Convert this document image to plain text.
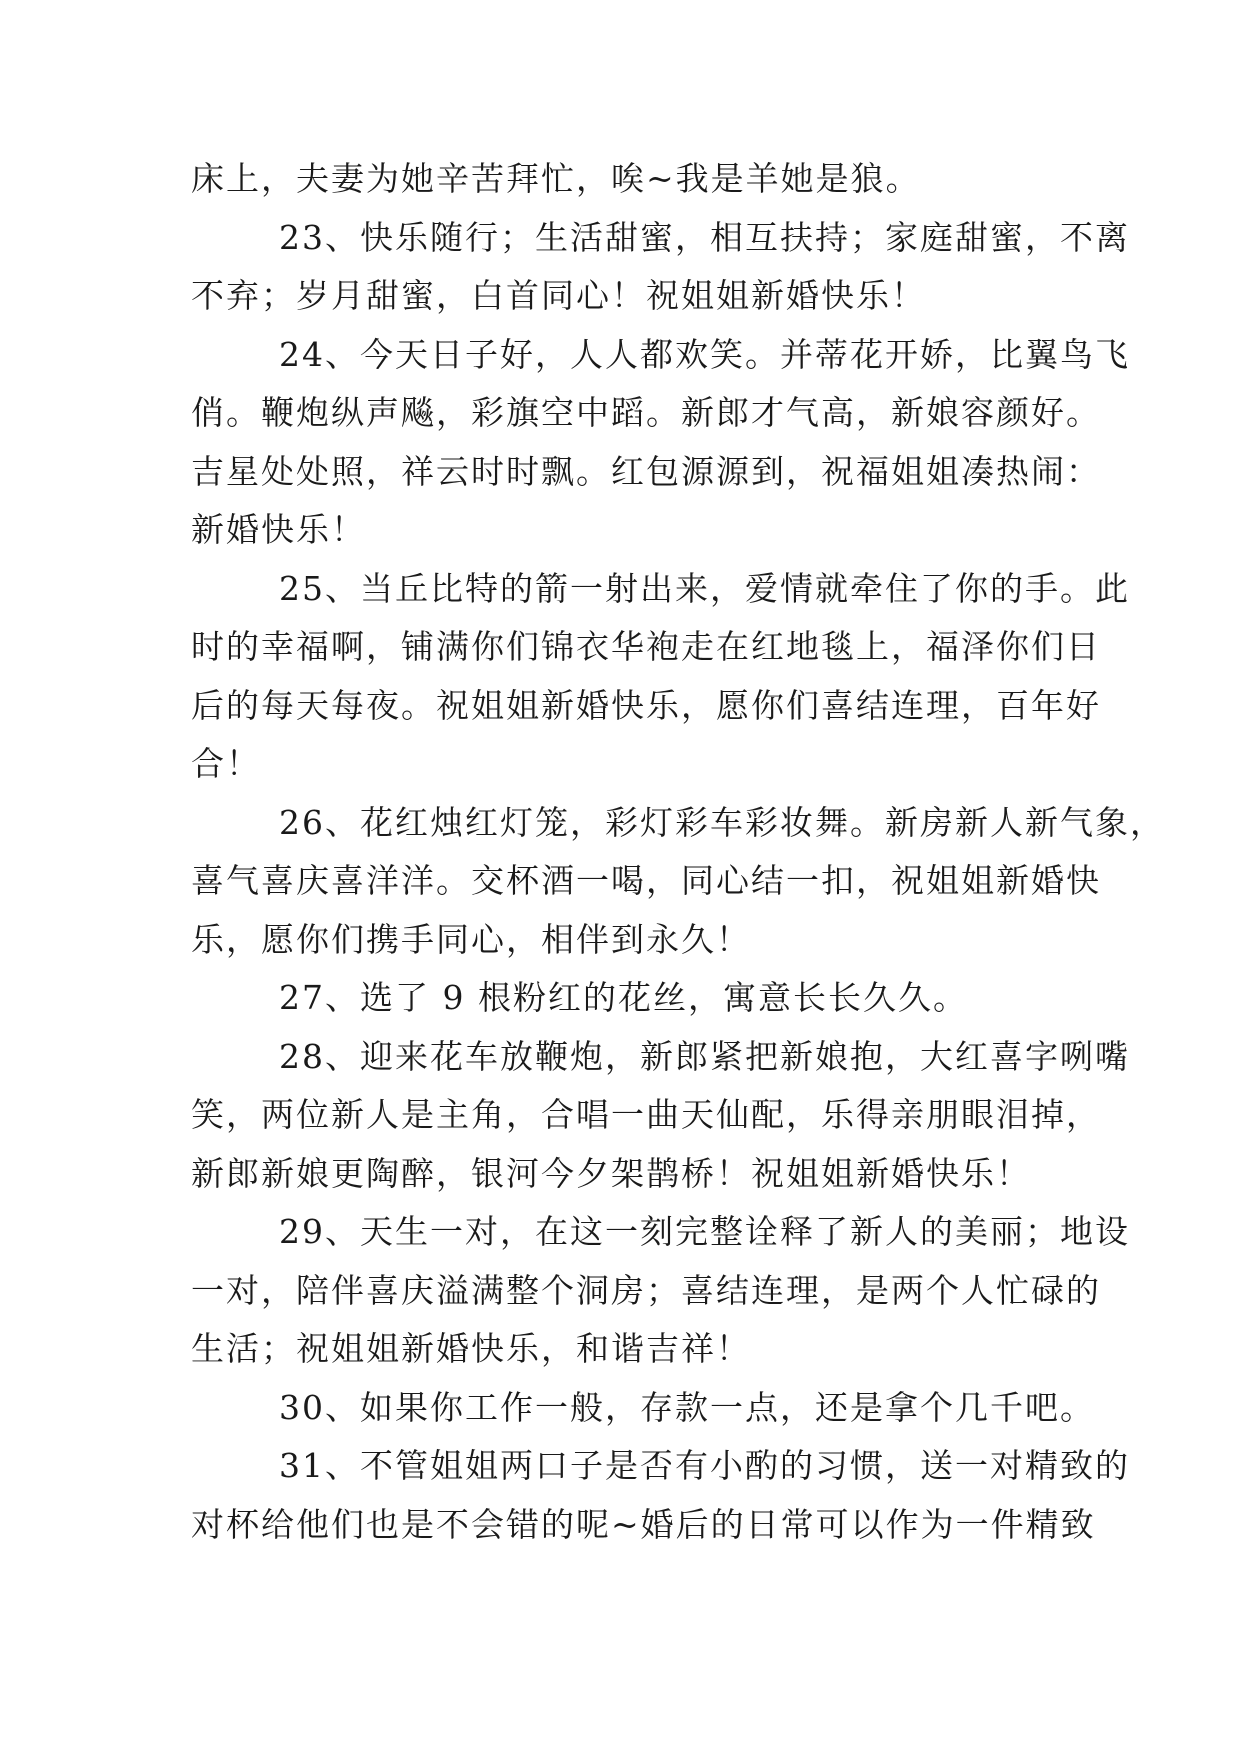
床上，夫妻为她辛苦拜忙，唉~我是羊她是狼。
23、快乐随行；生活甜蜜，相互扶持；家庭甜蜜，不离
不弃；岁月甜蜜，白首同心！祝姐姐新婚快乐！
24、今天日子好，人人都欢笑。并蒂花开娇，比翼鸟飞
俏。鞭炮纵声飚，彩旗空中蹈。新郎才气高，新娘容颜好。
吉星处处照，祥云时时飘。红包源源到，祝福姐姐凑热闹：
新婚快乐！
25、当丘比特的箭一射出来，爱情就牵住了你的手。此
时的幸福啊，铺满你们锦衣华袍走在红地毯上，福泽你们日
后的每天每夜。祝姐姐新婚快乐，愿你们喜结连理，百年好
合！
26、花红烛红灯笼，彩灯彩车彩妆舞。新房新人新气象，
喜气喜庆喜洋洋。交杯酒一喝，同心结一扣，祝姐姐新婚快
乐，愿你们携手同心，相伴到永久！
27、选了 9 根粉红的花丝，寓意长长久久。
28、迎来花车放鞭炮，新郎紧把新娘抱，大红喜字咧嘴
笑，两位新人是主角，合唱一曲天仙配，乐得亲朋眼泪掉，
新郎新娘更陶醉，银河今夕架鹊桥！祝姐姐新婚快乐！
29、天生一对，在这一刻完整诠释了新人的美丽；地设
一对，陪伴喜庆溢满整个洞房；喜结连理，是两个人忙碌的
生活；祝姐姐新婚快乐，和谐吉祥！
30、如果你工作一般，存款一点，还是拿个几千吧。
31、不管姐姐两口子是否有小酌的习惯，送一对精致的
对杯给他们也是不会错的呢~婚后的日常可以作为一件精致
